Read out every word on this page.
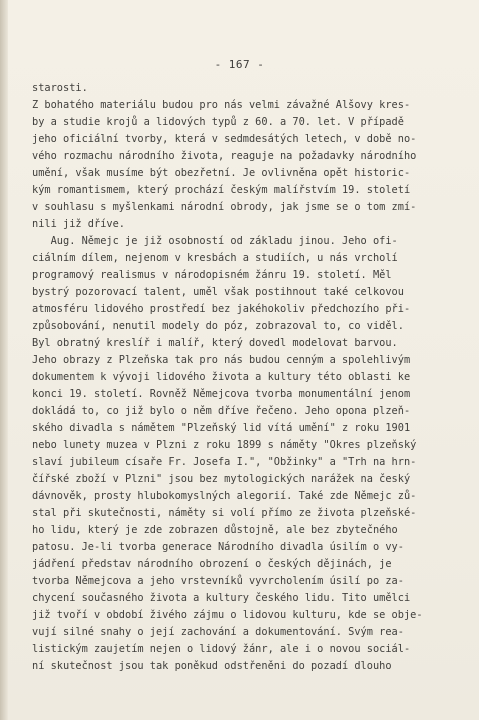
- 167 -

starosti.
Z bohatého materiálu budou pro nás velmi závažné Alšovy kres-
by a studie krojů a lidových typů z 60. a 70. let. V případě
jeho oficiální tvorby, která v sedmdesátých letech, v době no-
vého rozmachu národního života, reaguje na požadavky národního
umění, však musíme být obezřetní. Je ovlivněna opět historic-
kým romantismem, který prochází českým malířstvím 19. století
v souhlasu s myšlenkami národní obrody, jak jsme se o tom zmí-
nili již dříve.
Aug. Němejc je již osobností od základu jinou. Jeho ofi-
ciálním dílem, nejenom v kresbách a studiích, u nás vrcholí
programový realismus v národopisném žánru 19. století. Měl
bystrý pozorovací talent, uměl však postihnout také celkovou
atmosféru lidového prostředí bez jakéhokoliv předchozího při-
způsobování, nenutil modely do póz, zobrazoval to, co viděl.
Byl obratný kreslíř i malíř, který dovedl modelovat barvou.
Jeho obrazy z Plzeňska tak pro nás budou cenným a spolehlivým
dokumentem k vývoji lidového života a kultury této oblasti ke
konci 19. století. Rovněž Němejcova tvorba monumentální jenom
dokládá to, co již bylo o něm dříve řečeno. Jeho opona plzeň-
ského divadla s námětem "Plzeňský lid vítá umění" z roku 1901
nebo lunety muzea v Plzni z roku 1899 s náměty "Okres plzeňský
slaví jubileum císaře Fr. Josefa I.", "Obžinky" a "Trh na hrn-
čířské zboží v Plzni" jsou bez mytologických narážek na český
dávnověk, prosty hlubokomyslných alegorií. Také zde Němejc zů-
stal při skutečnosti, náměty si volí přímo ze života plzeňské-
ho lidu, který je zde zobrazen důstojně, ale bez zbytečného
patosu. Je-li tvorba generace Národního divadla úsilím o vy-
jádření představ národního obrození o českých dějinách, je
tvorba Němejcova a jeho vrstevníků vyvrcholením úsilí po za-
chycení současného života a kultury českého lidu. Tito umělci
již tvoří v období živého zájmu o lidovou kulturu, kde se obje-
vují silné snahy o její zachování a dokumentování. Svým rea-
listickým zaujetím nejen o lidový žánr, ale i o novou sociál-
ní skutečnost jsou tak poněkud odstřeněni do pozadí dlouho
